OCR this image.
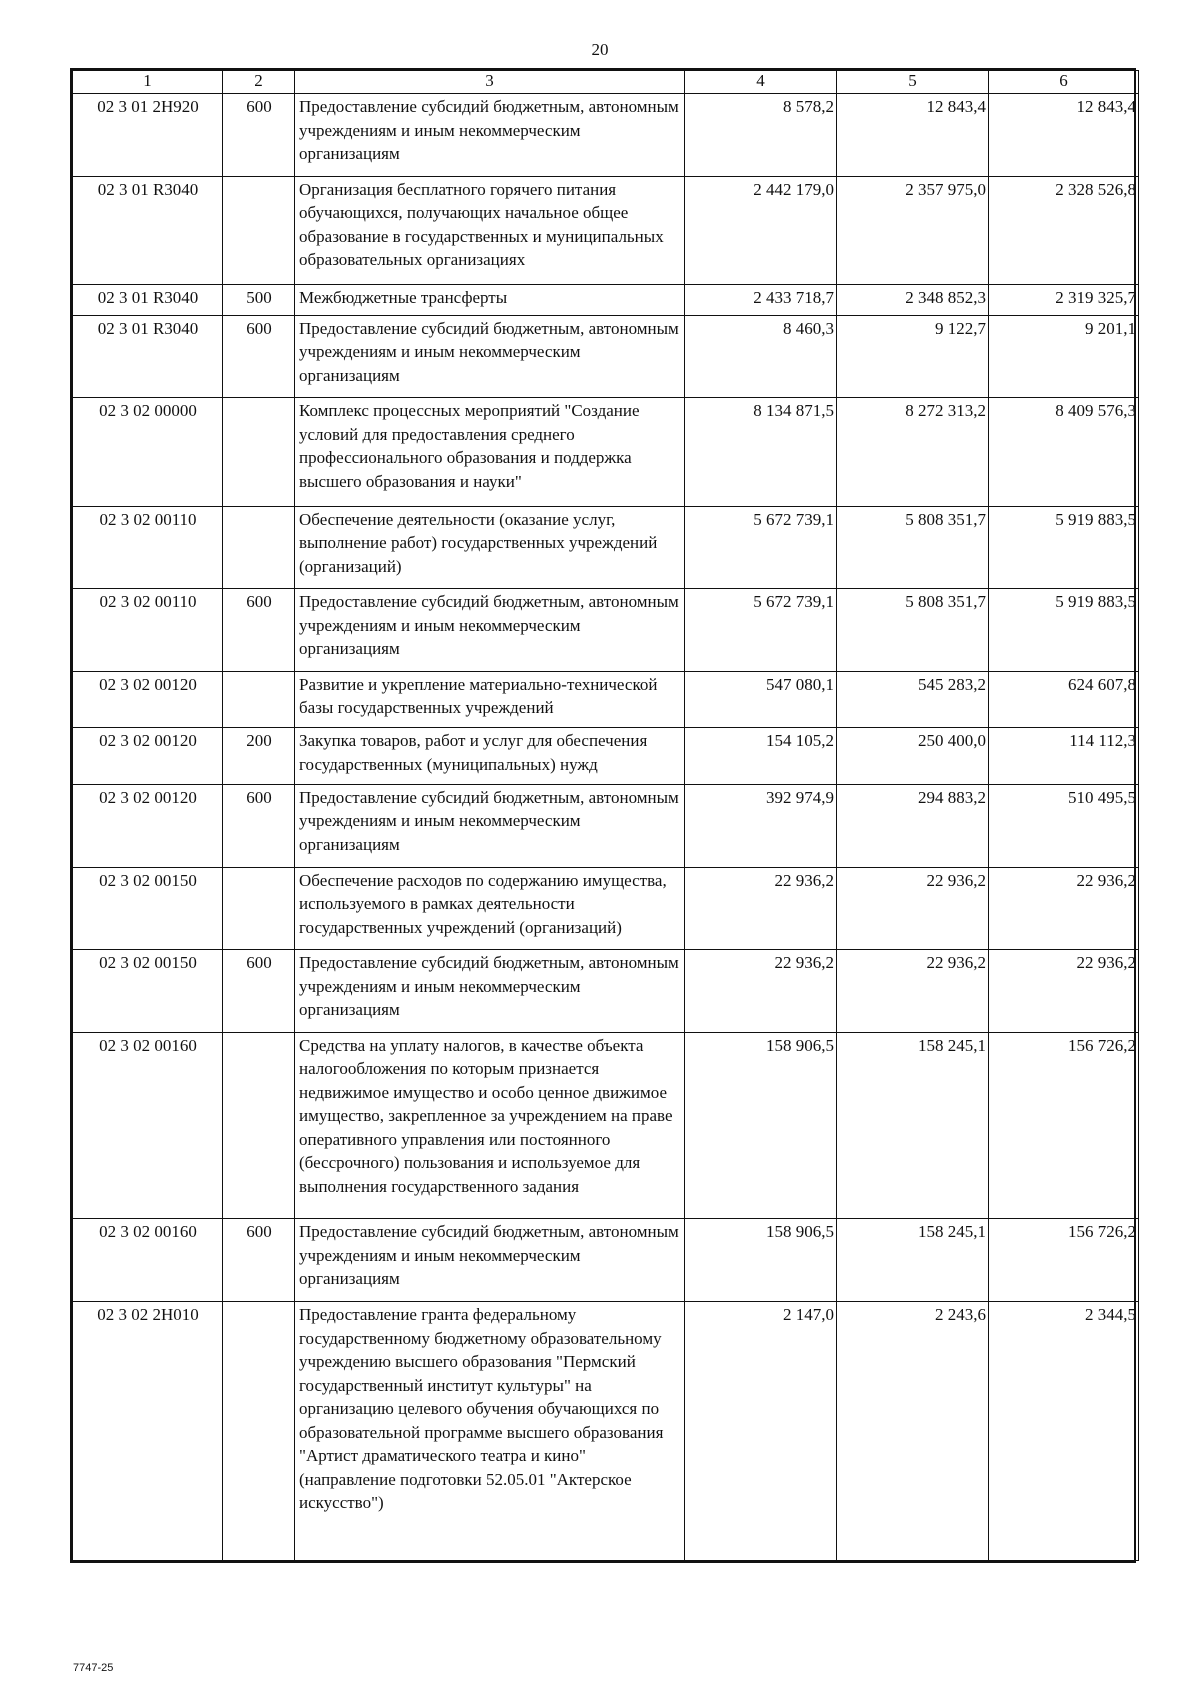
20
1	2	3	4	5	6
02 3 01 2Н920	600	Предоставление субсидий бюджетным, автономным учреждениям и иным некоммерческим организациям	8 578,2	12 843,4	12 843,4
02 3 01 R3040		Организация бесплатного горячего питания обучающихся, получающих начальное общее образование в государственных и муниципальных образовательных организациях	2 442 179,0	2 357 975,0	2 328 526,8
02 3 01 R3040	500	Межбюджетные трансферты	2 433 718,7	2 348 852,3	2 319 325,7
02 3 01 R3040	600	Предоставление субсидий бюджетным, автономным учреждениям и иным некоммерческим организациям	8 460,3	9 122,7	9 201,1
02 3 02 00000		Комплекс процессных мероприятий "Создание условий для предоставления среднего профессионального образования и поддержка высшего образования и науки"	8 134 871,5	8 272 313,2	8 409 576,3
02 3 02 00110		Обеспечение деятельности (оказание услуг, выполнение работ) государственных учреждений (организаций)	5 672 739,1	5 808 351,7	5 919 883,5
02 3 02 00110	600	Предоставление субсидий бюджетным, автономным учреждениям и иным некоммерческим организациям	5 672 739,1	5 808 351,7	5 919 883,5
02 3 02 00120		Развитие и укрепление материально-технической базы государственных учреждений	547 080,1	545 283,2	624 607,8
02 3 02 00120	200	Закупка товаров, работ и услуг для обеспечения государственных (муниципальных) нужд	154 105,2	250 400,0	114 112,3
02 3 02 00120	600	Предоставление субсидий бюджетным, автономным учреждениям и иным некоммерческим организациям	392 974,9	294 883,2	510 495,5
02 3 02 00150		Обеспечение расходов по содержанию имущества, используемого в рамках деятельности государственных учреждений (организаций)	22 936,2	22 936,2	22 936,2
02 3 02 00150	600	Предоставление субсидий бюджетным, автономным учреждениям и иным некоммерческим организациям	22 936,2	22 936,2	22 936,2
02 3 02 00160		Средства на уплату налогов, в качестве объекта налогообложения по которым признается недвижимое имущество и особо ценное движимое имущество, закрепленное за учреждением на праве оперативного управления или постоянного (бессрочного) пользования и используемое для выполнения государственного задания	158 906,5	158 245,1	156 726,2
02 3 02 00160	600	Предоставление субсидий бюджетным, автономным учреждениям и иным некоммерческим организациям	158 906,5	158 245,1	156 726,2
02 3 02 2Н010		Предоставление гранта федеральному государственному бюджетному образовательному учреждению высшего образования "Пермский государственный институт культуры" на организацию целевого обучения обучающихся по образовательной программе высшего образования "Артист драматического театра и кино" (направление подготовки 52.05.01 "Актерское искусство")	2 147,0	2 243,6	2 344,5
7747-25
